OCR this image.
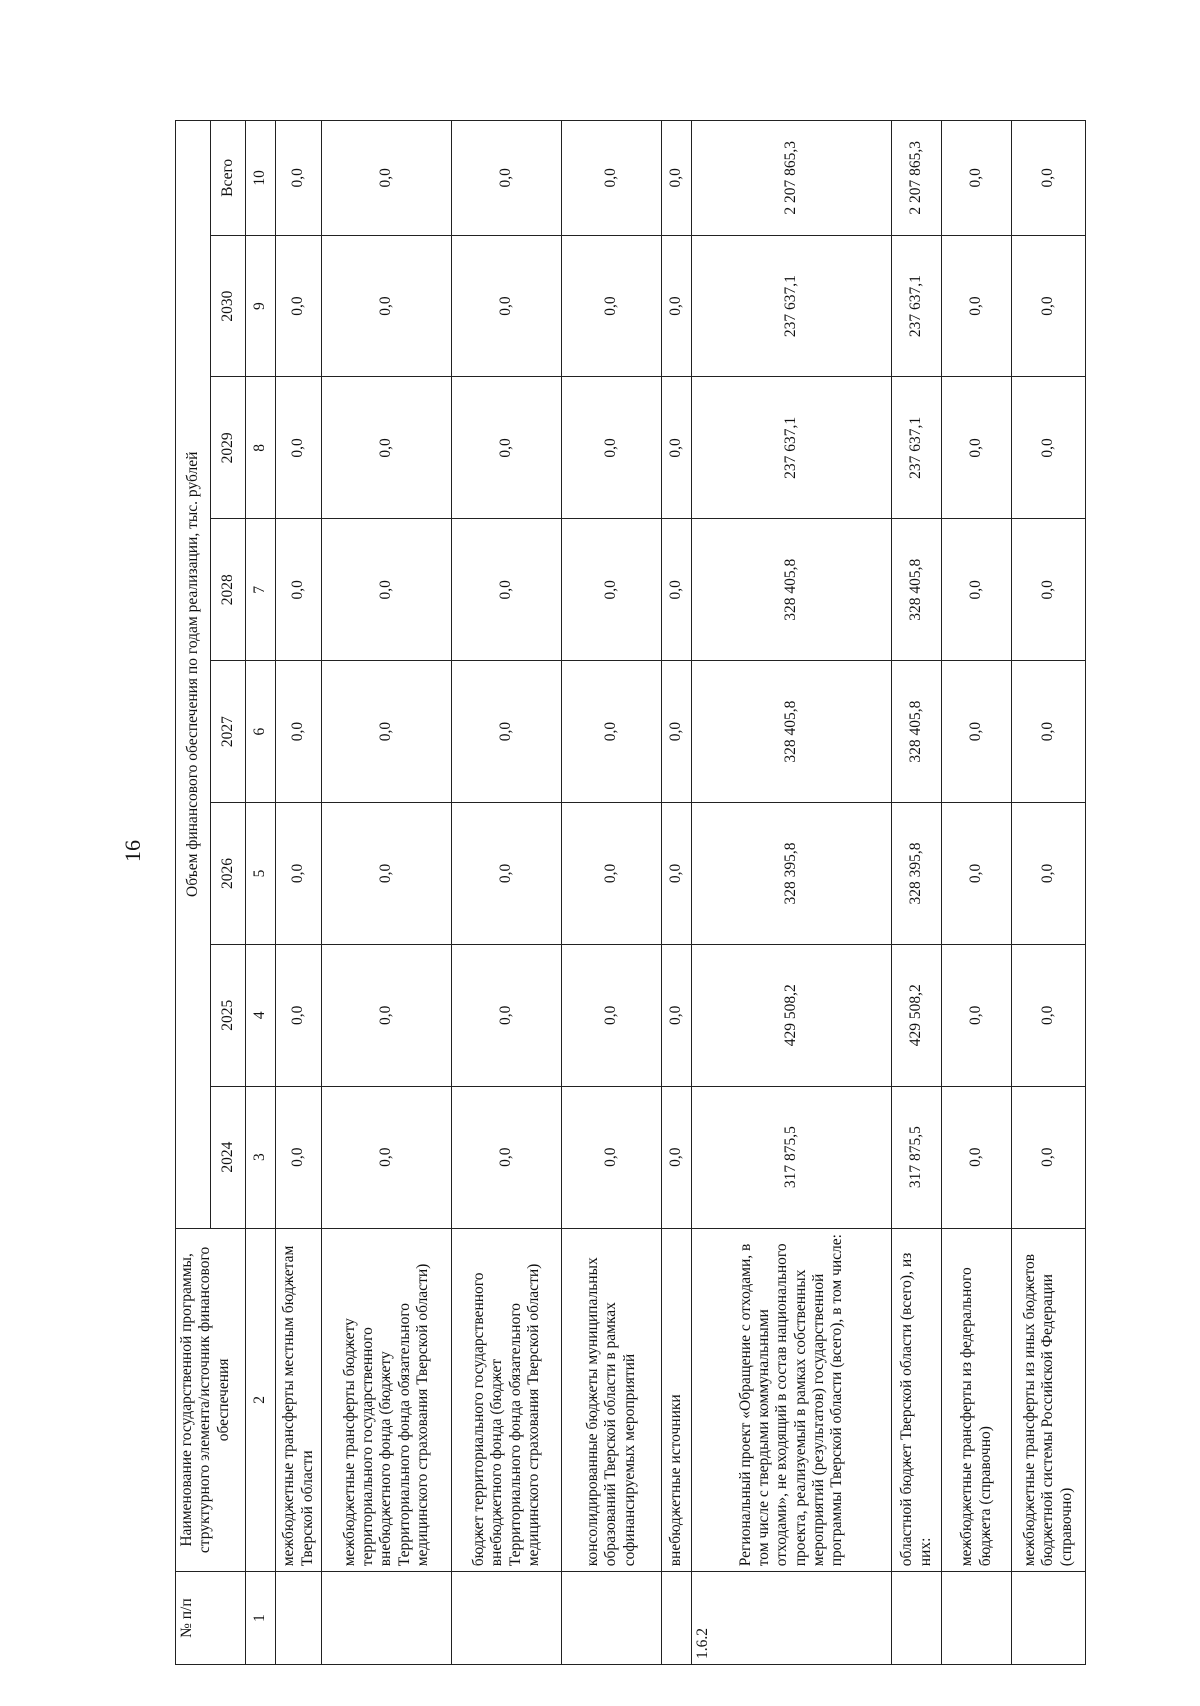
16
№ п/п	Наименование государственной программы, структурного элемента/источник финансового обеспечения	Объем финансового обеспечения по годам реализации, тыс. рублей							
		2024	2025	2026	2027	2028	2029	2030	Всего
1	2	3	4	5	6	7	8	9	10
	межбюджетные трансферты местным бюджетам Тверской области	0,0	0,0	0,0	0,0	0,0	0,0	0,0	0,0
	межбюджетные трансферты бюджету территориального государственного внебюджетного фонда (бюджету Территориального фонда обязательного медицинского страхования Тверской области)	0,0	0,0	0,0	0,0	0,0	0,0	0,0	0,0
	бюджет территориального государственного внебюджетного фонда (бюджет Территориального фонда обязательного медицинского страхования Тверской области)	0,0	0,0	0,0	0,0	0,0	0,0	0,0	0,0
	консолидированные бюджеты муниципальных образований Тверской области в рамках софинансируемых мероприятий	0,0	0,0	0,0	0,0	0,0	0,0	0,0	0,0
	внебюджетные источники	0,0	0,0	0,0	0,0	0,0	0,0	0,0	0,0
1.6.2	Региональный проект «Обращение с отходами, в том числе с твердыми коммунальными отходами», не входящий в состав национального проекта, реализуемый в рамках собственных мероприятий (результатов) государственной программы Тверской области (всего), в том числе:	317 875,5	429 508,2	328 395,8	328 405,8	328 405,8	237 637,1	237 637,1	2 207 865,3
	областной бюджет Тверской области (всего), из них:	317 875,5	429 508,2	328 395,8	328 405,8	328 405,8	237 637,1	237 637,1	2 207 865,3
	межбюджетные трансферты из федерального бюджета (справочно)	0,0	0,0	0,0	0,0	0,0	0,0	0,0	0,0
	межбюджетные трансферты из иных бюджетов бюджетной системы Российской Федерации (справочно)	0,0	0,0	0,0	0,0	0,0	0,0	0,0	0,0
